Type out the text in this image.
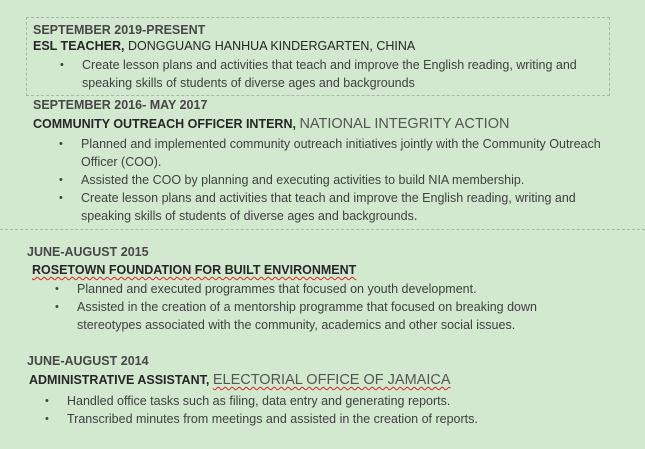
SEPTEMBER 2019-PRESENT
ESL TEACHER, DONGGUANG HANHUA KINDERGARTEN, CHINA
• Create lesson plans and activities that teach and improve the English reading, writing and speaking skills of students of diverse ages and backgrounds
SEPTEMBER 2016- MAY 2017
COMMUNITY OUTREACH OFFICER INTERN, NATIONAL INTEGRITY ACTION
• Planned and implemented community outreach initiatives jointly with the Community Outreach Officer (COO).
• Assisted the COO by planning and executing activities to build NIA membership.
• Create lesson plans and activities that teach and improve the English reading, writing and speaking skills of students of diverse ages and backgrounds.
JUNE-AUGUST 2015
ROSETOWN FOUNDATION FOR BUILT ENVIRONMENT
• Planned and executed programmes that focused on youth development.
• Assisted in the creation of a mentorship programme that focused on breaking down stereotypes associated with the community, academics and other social issues.
JUNE-AUGUST 2014
ADMINISTRATIVE ASSISTANT, ELECTORIAL OFFICE OF JAMAICA
• Handled office tasks such as filing, data entry and generating reports.
• Transcribed minutes from meetings and assisted in the creation of reports.
